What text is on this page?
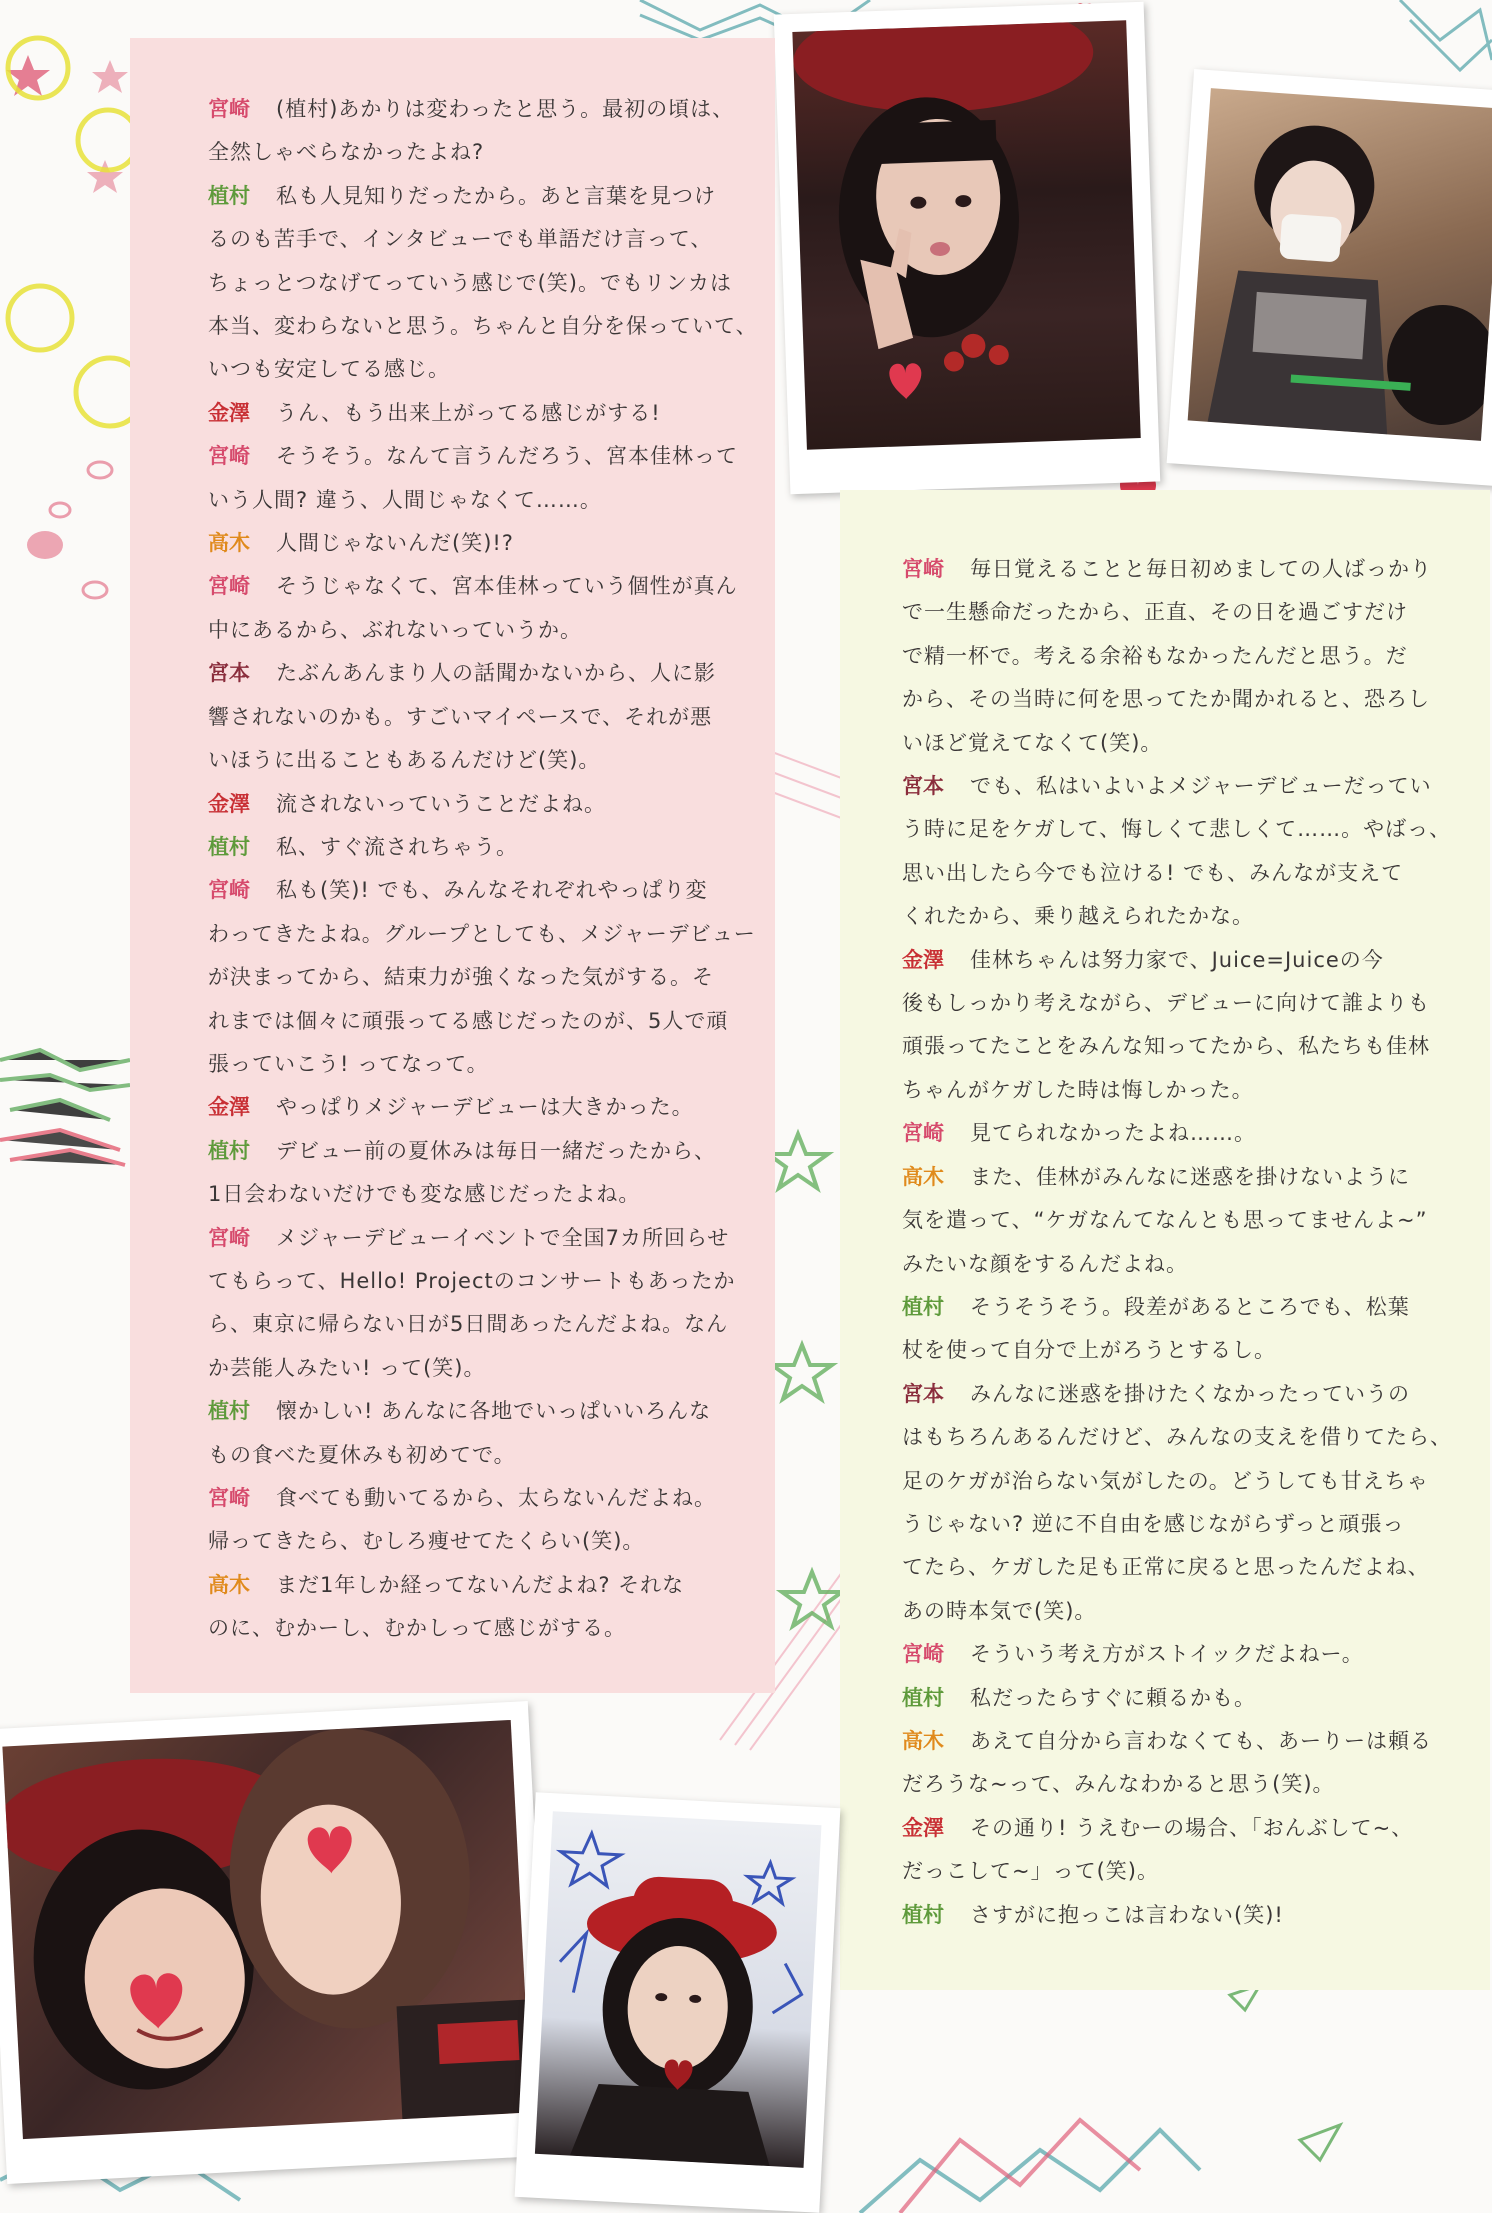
宮崎 (植村)あかりは変わったと思う。最初の頃は、

全然しゃべらなかったよね?

植村 私も人見知りだったから。あと言葉を見つけ

るのも苦手で、インタビューでも単語だけ言って、

ちょっとつなげてっていう感じで(笑)。でもリンカは

本当、変わらないと思う。ちゃんと自分を保っていて、

いつも安定してる感じ。

金澤 うん、もう出来上がってる感じがする!

宮崎 そうそう。なんて言うんだろう、宮本佳林って

いう人間? 違う、人間じゃなくて……。

高木 人間じゃないんだ(笑)!?

宮崎 そうじゃなくて、宮本佳林っていう個性が真ん

中にあるから、ぶれないっていうか。

宮本 たぶんあんまり人の話聞かないから、人に影

響されないのかも。すごいマイペースで、それが悪

いほうに出ることもあるんだけど(笑)。

金澤 流されないっていうことだよね。

植村 私、すぐ流されちゃう。

宮崎 私も(笑)! でも、みんなそれぞれやっぱり変

わってきたよね。グループとしても、メジャーデビュー

が決まってから、結束力が強くなった気がする。そ

れまでは個々に頑張ってる感じだったのが、5人で頑

張っていこう! ってなって。

金澤 やっぱりメジャーデビューは大きかった。

植村 デビュー前の夏休みは毎日一緒だったから、

1日会わないだけでも変な感じだったよね。

宮崎 メジャーデビューイベントで全国7カ所回らせ

てもらって、Hello! Projectのコンサートもあったか

ら、東京に帰らない日が5日間あったんだよね。なん

か芸能人みたい! って(笑)。

植村 懐かしい! あんなに各地でいっぱいいろんな

もの食べた夏休みも初めてで。

宮崎 食べても動いてるから、太らないんだよね。

帰ってきたら、むしろ痩せてたくらい(笑)。

高木 まだ1年しか経ってないんだよね? それな

のに、むかーし、むかしって感じがする。

宮崎 毎日覚えることと毎日初めましての人ばっかり

で一生懸命だったから、正直、その日を過ごすだけ

で精一杯で。考える余裕もなかったんだと思う。だ

から、その当時に何を思ってたか聞かれると、恐ろし

いほど覚えてなくて(笑)。

宮本 でも、私はいよいよメジャーデビューだってい

う時に足をケガして、悔しくて悲しくて……。やばっ、

思い出したら今でも泣ける! でも、みんなが支えて

くれたから、乗り越えられたかな。

金澤 佳林ちゃんは努力家で、Juice=Juiceの今

後もしっかり考えながら、デビューに向けて誰よりも

頑張ってたことをみんな知ってたから、私たちも佳林

ちゃんがケガした時は悔しかった。

宮崎 見てられなかったよね……。

高木 また、佳林がみんなに迷惑を掛けないように

気を遣って、“ケガなんてなんとも思ってませんよ~”

みたいな顔をするんだよね。

植村 そうそうそう。段差があるところでも、松葉

杖を使って自分で上がろうとするし。

宮本 みんなに迷惑を掛けたくなかったっていうの

はもちろんあるんだけど、みんなの支えを借りてたら、

足のケガが治らない気がしたの。どうしても甘えちゃ

うじゃない? 逆に不自由を感じながらずっと頑張っ

てたら、ケガした足も正常に戻ると思ったんだよね、

あの時本気で(笑)。

宮崎 そういう考え方がストイックだよねー。

植村 私だったらすぐに頼るかも。

高木 あえて自分から言わなくても、あーりーは頼る

だろうな~って、みんなわかると思う(笑)。

金澤 その通り! うえむーの場合、「おんぶして~、

だっこして~」って(笑)。

植村 さすがに抱っこは言わない(笑)!
